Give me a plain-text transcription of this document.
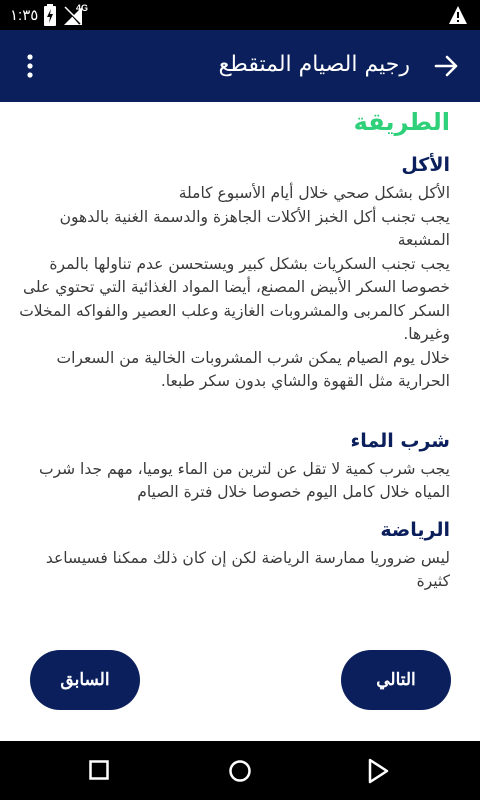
١:٣٥	4G
رجيم الصيام المتقطع
الطريقة
الأكل
الأكل بشكل صحي خلال أيام الأسبوع كاملة
يجب تجنب أكل الخبز الأكلات الجاهزة والدسمة الغنية بالدهون المشبعة
يجب تجنب السكريات بشكل كبير ويستحسن عدم تناولها بالمرة خصوصا السكر الأبيض المصنع، أيضا المواد الغذائية التي تحتوي على السكر كالمربى والمشروبات الغازية وعلب العصير والفواكه المخلات وغيرها.
خلال يوم الصيام يمكن شرب المشروبات الخالية من السعرات الحرارية مثل القهوة والشاي بدون سكر طبعا.
شرب الماء
يجب شرب كمية لا تقل عن لترين من الماء يوميا، مهم جدا شرب المياه خلال كامل اليوم خصوصا خلال فترة الصيام
الرياضة
ليس ضروريا ممارسة الرياضة لكن إن كان ذلك ممكنا فسيساعد كثيرة
السابق	التالي
